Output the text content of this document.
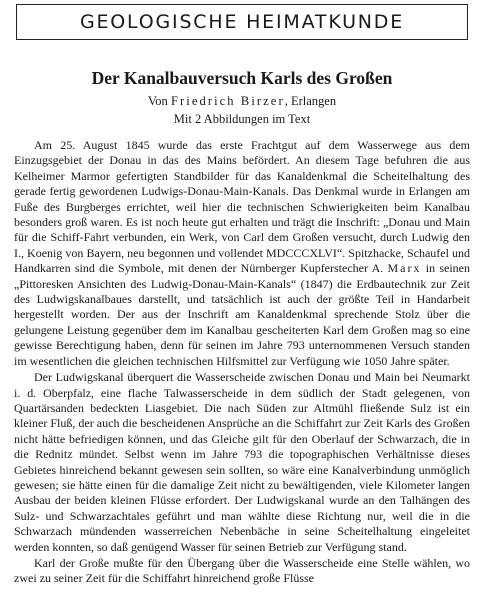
GEOLOGISCHE HEIMATKUNDE
Der Kanalbauversuch Karls des Großen
Von Friedrich Birzer, Erlangen
Mit 2 Abbildungen im Text

Am 25. August 1845 wurde das erste Frachtgut auf dem Wasserwege aus dem Einzugsgebiet der Donau in das des Mains befördert. An diesem Tage befuhren die aus Kelheimer Marmor gefertigten Standbilder für das Kanaldenkmal die Scheitelhaltung des gerade fertig gewordenen Ludwigs-Donau-Main-Kanals. Das Denkmal wurde in Erlangen am Fuße des Burgberges errichtet, weil hier die technischen Schwierigkeiten beim Kanalbau besonders groß waren. Es ist noch heute gut erhalten und trägt die Inschrift: „Donau und Main für die Schiff-Fahrt verbunden, ein Werk, von Carl dem Großen versucht, durch Ludwig den I., Koenig von Bayern, neu begonnen und vollendet MDCCCXLVI“. Spitzhacke, Schaufel und Handkarren sind die Symbole, mit denen der Nürnberger Kupferstecher A. Marx in seinen „Pittoresken Ansichten des Ludwig-Donau-Main-Kanals“ (1847) die Erdbautechnik zur Zeit des Ludwigskanalbaues darstellt, und tatsächlich ist auch der größte Teil in Handarbeit hergestellt worden. Der aus der Inschrift am Kanaldenkmal sprechende Stolz über die gelungene Leistung gegenüber dem im Kanalbau gescheiterten Karl dem Großen mag so eine gewisse Berechtigung haben, denn für seinen im Jahre 793 unternommenen Versuch standen im wesentlichen die gleichen technischen Hilfsmittel zur Verfügung wie 1050 Jahre später.

Der Ludwigskanal überquert die Wasserscheide zwischen Donau und Main bei Neumarkt i. d. Oberpfalz, eine flache Talwasserscheide in dem südlich der Stadt gelegenen, von Quartärsanden bedeckten Liasgebiet. Die nach Süden zur Altmühl fließende Sulz ist ein kleiner Fluß, der auch die bescheidenen Ansprüche an die Schiffahrt zur Zeit Karls des Großen nicht hätte befriedigen können, und das Gleiche gilt für den Oberlauf der Schwarzach, die in die Rednitz mündet. Selbst wenn im Jahre 793 die topographischen Verhältnisse dieses Gebietes hinreichend bekannt gewesen sein sollten, so wäre eine Kanalverbindung unmöglich gewesen; sie hätte einen für die damalige Zeit nicht zu bewältigenden, viele Kilometer langen Ausbau der beiden kleinen Flüsse erfordert. Der Ludwigskanal wurde an den Talhängen des Sulz- und Schwarzachtales geführt und man wählte diese Richtung nur, weil die in die Schwarzach mündenden wasserreichen Nebenbäche in seine Scheitelhaltung eingeleitet werden konnten, so daß genügend Wasser für seinen Betrieb zur Verfügung stand.

Karl der Große mußte für den Übergang über die Wasserscheide eine Stelle wählen, wo zwei zu seiner Zeit für die Schiffahrt hinreichend große Flüsse
